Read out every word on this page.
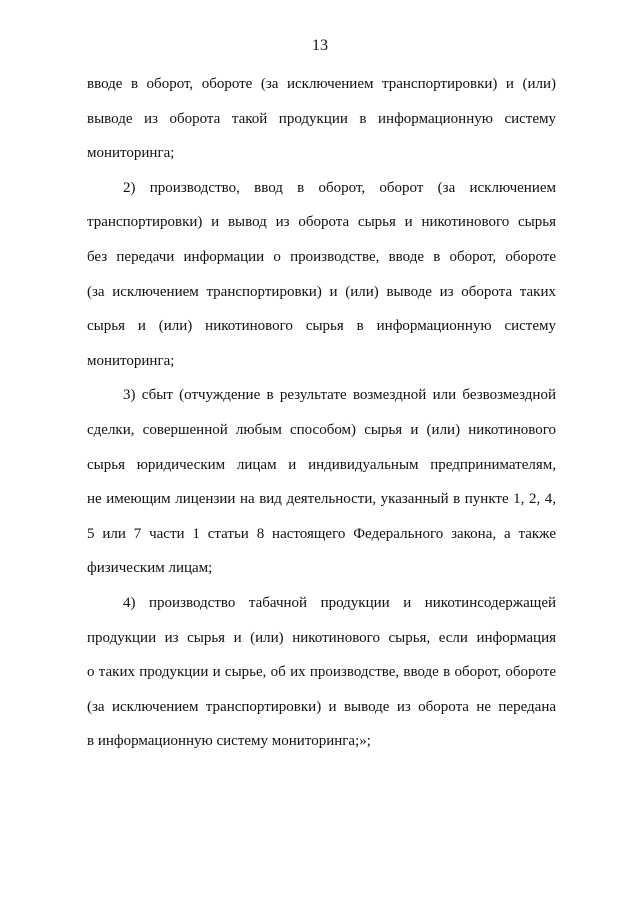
13
вводе в оборот, обороте (за исключением транспортировки) и (или)
выводе из оборота такой продукции в информационную систему
мониторинга;
2) производство, ввод в оборот, оборот (за исключением
транспортировки) и вывод из оборота сырья и никотинового сырья
без передачи информации о производстве, вводе в оборот, обороте
(за исключением транспортировки) и (или) выводе из оборота таких
сырья и (или) никотинового сырья в информационную систему
мониторинга;
3) сбыт (отчуждение в результате возмездной или безвозмездной
сделки, совершенной любым способом) сырья и (или) никотинового
сырья юридическим лицам и индивидуальным предпринимателям,
не имеющим лицензии на вид деятельности, указанный в пункте 1, 2, 4,
5 или 7 части 1 статьи 8 настоящего Федерального закона, а также
физическим лицам;
4) производство табачной продукции и никотинсодержащей
продукции из сырья и (или) никотинового сырья, если информация
о таких продукции и сырье, об их производстве, вводе в оборот, обороте
(за исключением транспортировки) и выводе из оборота не передана
в информационную систему мониторинга;»;
